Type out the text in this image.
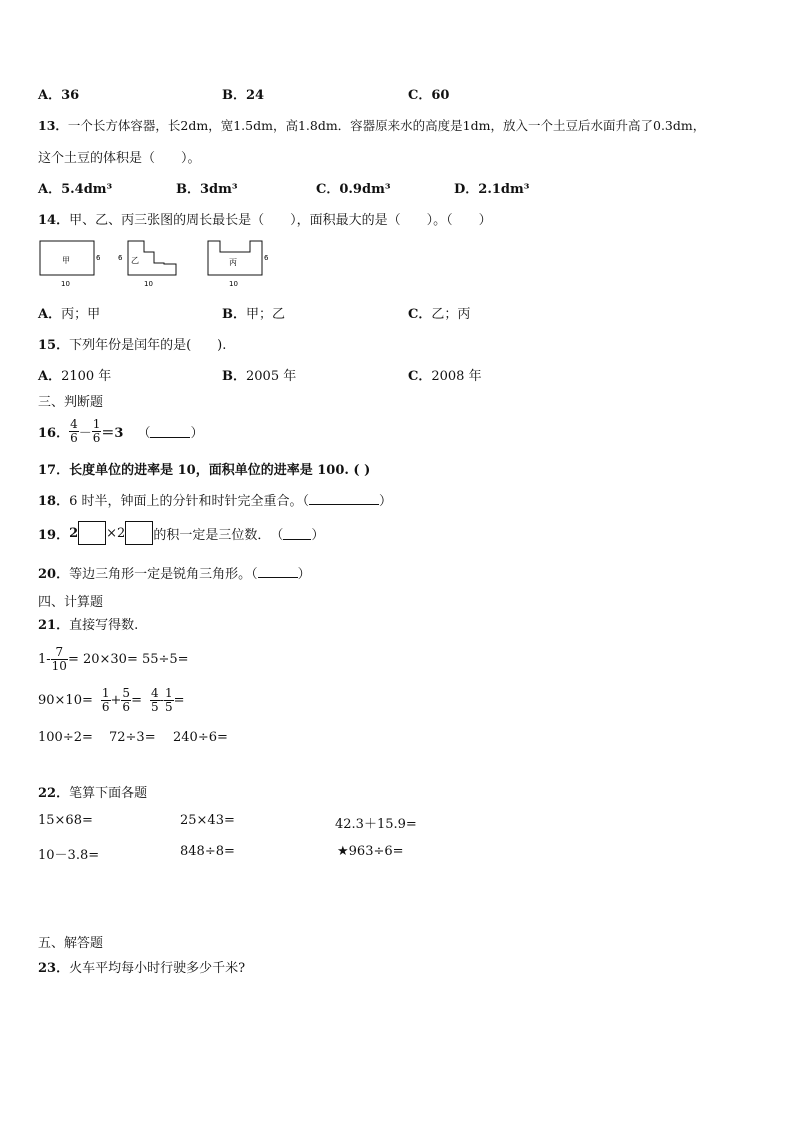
A．36	B．24	C．60
13．一个长方体容器，长2dm，宽1.5dm，高1.8dm．容器原来水的高度是1dm，放入一个土豆后水面升高了0.3dm，
这个土豆的体积是（　　）。
A．5.4dm³	B．3dm³	C．0.9dm³	D．2.1dm³
14．甲、乙、丙三张图的周长最长是（　　），面积最大的是（　　）。（　　）
甲	6
10
乙
6
10
丙	6
10
A．丙；甲	B．甲；乙	C．乙；丙
15．下列年份是闰年的是(　　).
A．2100 年	B．2005 年	C．2008 年
三、判断题
16． $\frac{4}{6} - \frac{1}{6} =3$ （	）
17．长度单位的进率是 10，面积单位的进率是 100. ( )
18．6 时半，钟面上的分针和时针完全重合。（	）
19． 2 ×2 的积一定是三位数．　（ ）
20．等边三角形一定是锐角三角形。（	）
四、计算题
21．直接写得数.
$1- \frac{7}{10} = 20\times 30= 55\div 5=$
$90\times 10= \frac{1}{6} + \frac{5}{6} = \frac{4}{5} - \frac{1}{5}$ =
100÷2= 72÷3= 240÷6=
22．笔算下面各题
15×68=	25×43=	42.3＋15.9=
10－3.8=	848÷8=	★963÷6=
五、解答题
23．火车平均每小时行驶多少千米?
